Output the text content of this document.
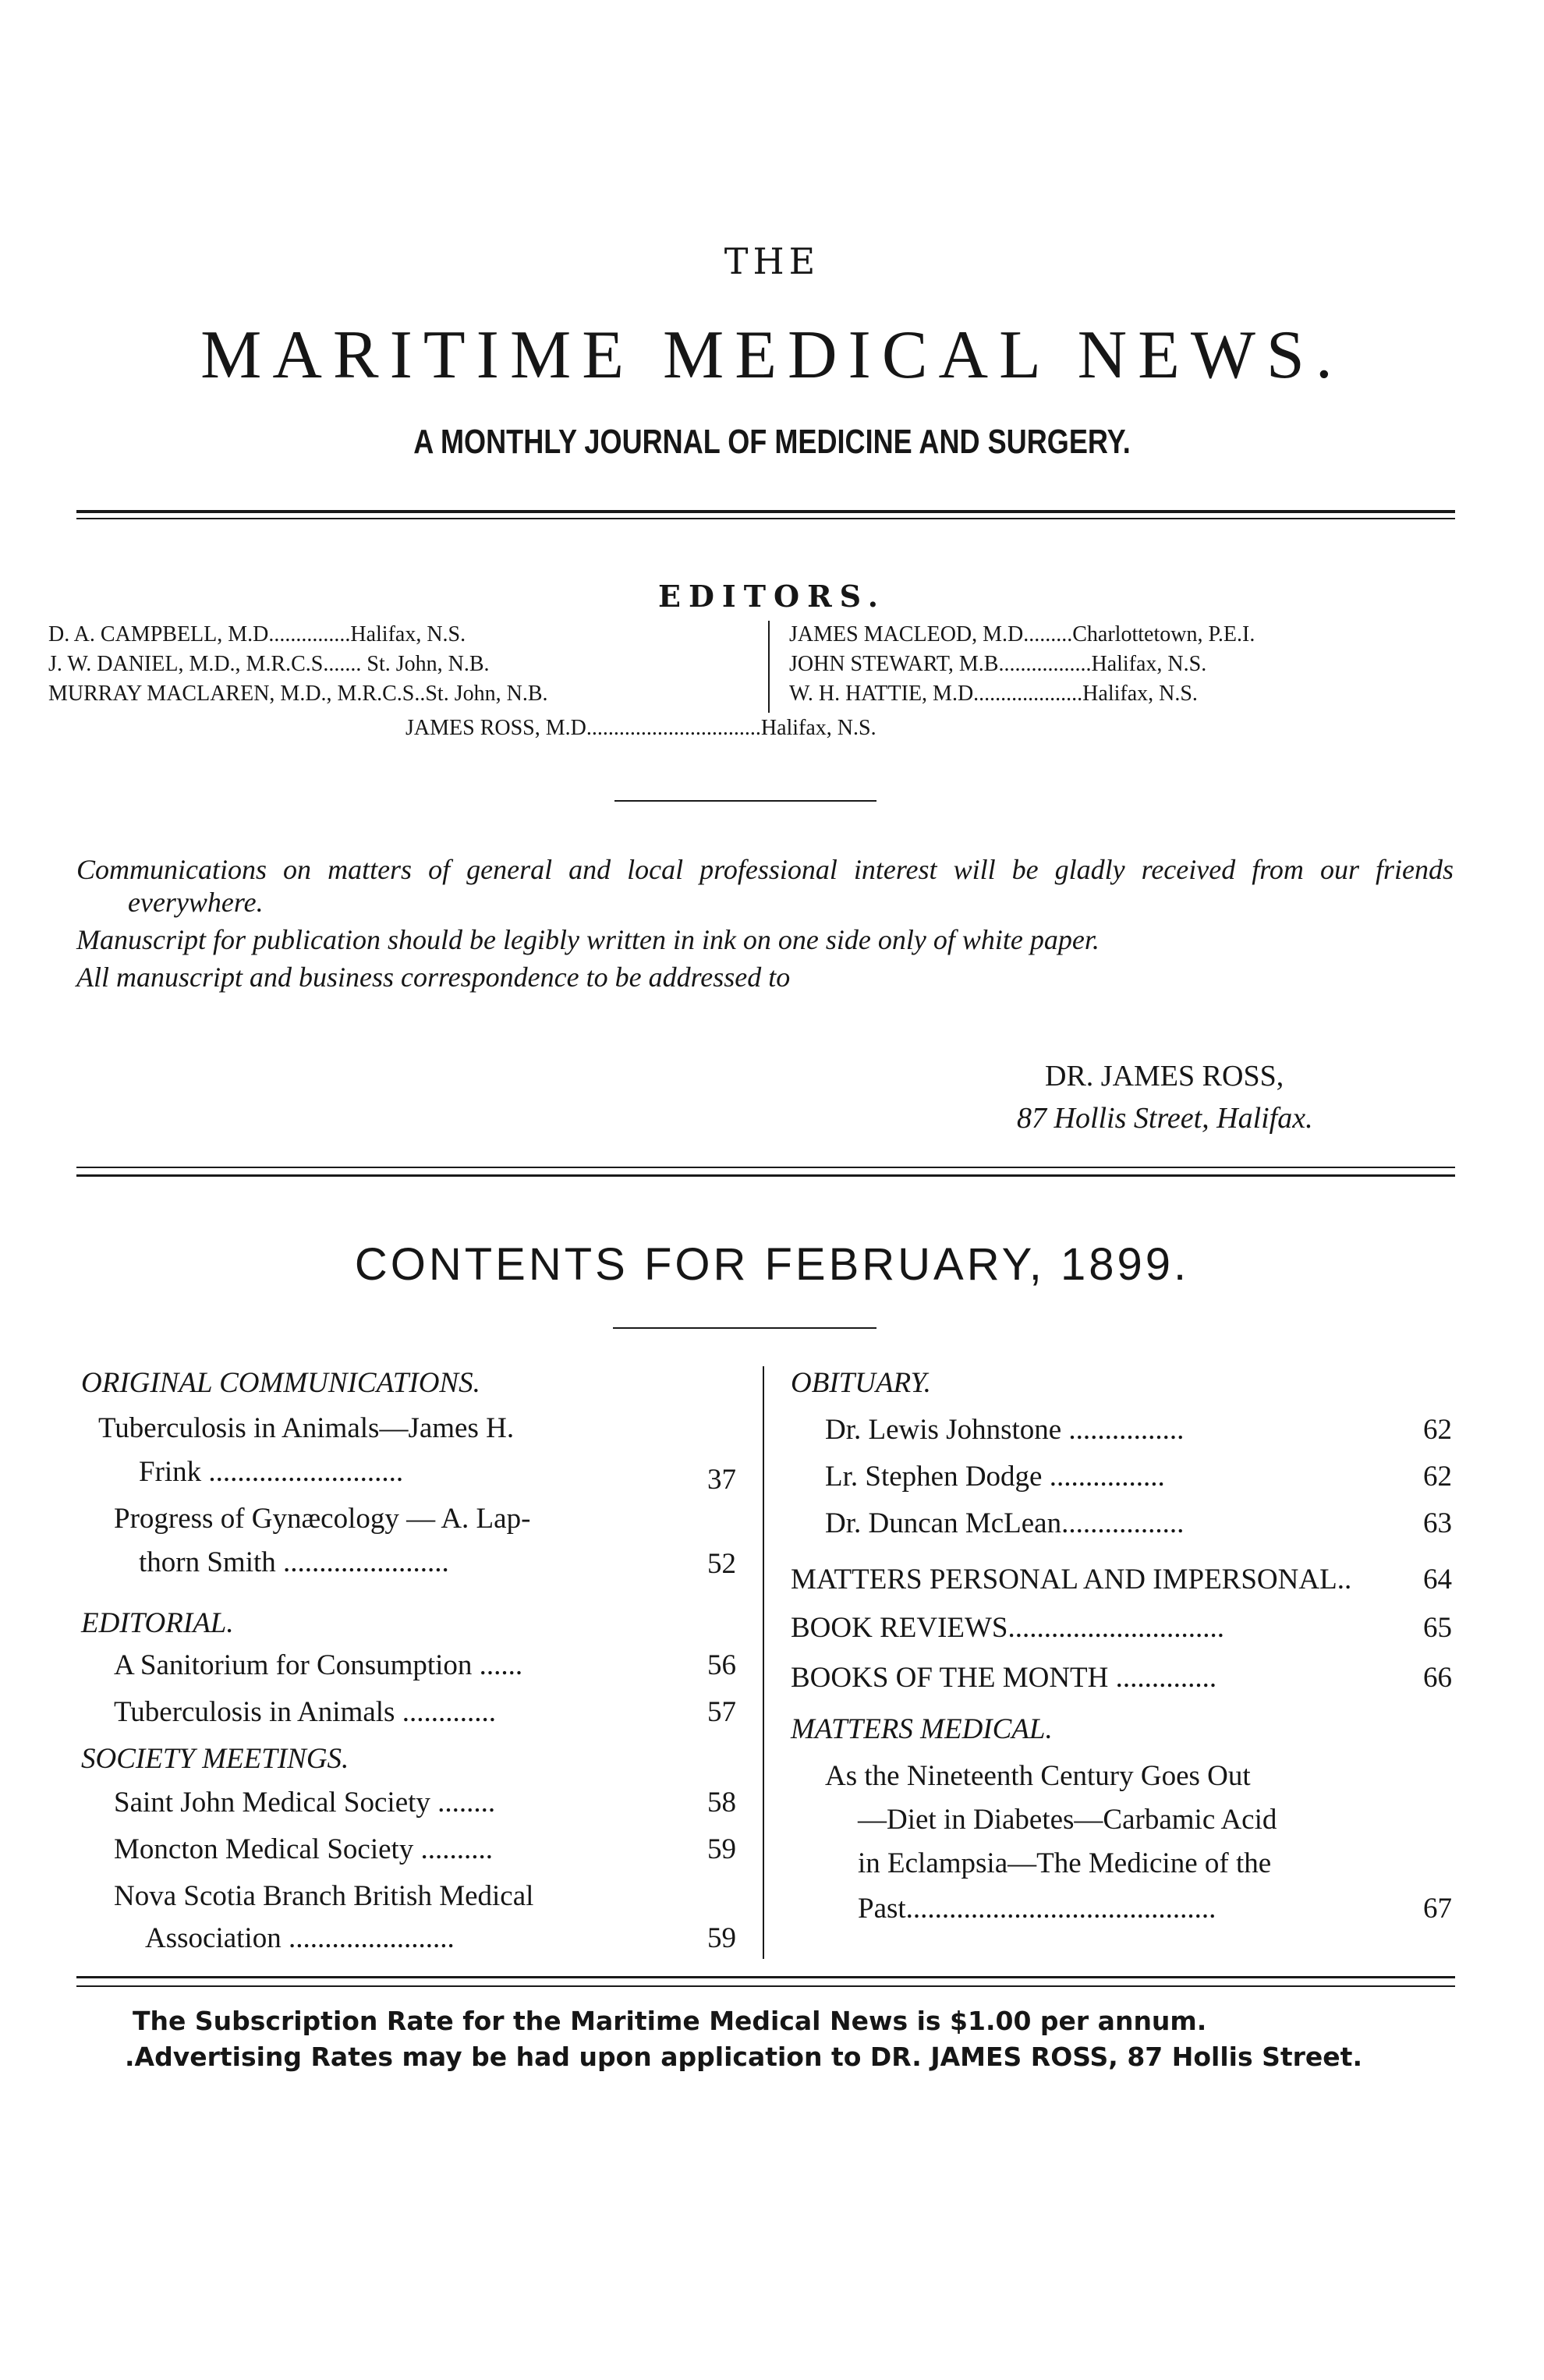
THE
MARITIME MEDICAL NEWS.
A MONTHLY JOURNAL OF MEDICINE AND SURGERY.
EDITORS.
D. A. CAMPBELL, M.D...............Halifax, N.S.
J. W. DANIEL, M.D., M.R.C.S....... St. John, N.B.
MURRAY MACLAREN, M.D., M.R.C.S..St. John, N.B.
JAMES MACLEOD, M.D.........Charlottetown, P.E.I.
JOHN STEWART, M.B.................Halifax, N.S.
W. H. HATTIE, M.D....................Halifax, N.S.
JAMES ROSS, M.D................................Halifax, N.S.

Communications on matters of general and local professional interest will be gladly received from our friends everywhere.

Manuscript for publication should be legibly written in ink on one side only of white paper.

All manuscript and business correspondence to be addressed to

DR. JAMES ROSS,
87 Hollis Street, Halifax.
CONTENTS FOR FEBRUARY, 1899.
ORIGINAL COMMUNICATIONS.
Tuberculosis in Animals—James H.
Frink ...........................	37
Progress of Gynæcology — A. Lap-
thorn Smith .......................	52
EDITORIAL.
A Sanitorium for Consumption ......	56
Tuberculosis in Animals .............	57
SOCIETY MEETINGS.
Saint John Medical Society ........	58
Moncton Medical Society ..........	59
Nova Scotia Branch British Medical
Association .......................	59
OBITUARY.
Dr. Lewis Johnstone ................	62
Lr. Stephen Dodge ................	62
Dr. Duncan McLean.................	63
MATTERS PERSONAL AND IMPERSONAL..	64
BOOK REVIEWS..............................	65
BOOKS OF THE MONTH ..............	66
MATTERS MEDICAL.
As the Nineteenth Century Goes Out
—Diet in Diabetes—Carbamic Acid
in Eclampsia—The Medicine of the
Past...........................................	67
The Subscription Rate for the Maritime Medical News is $1.00 per annum.
.Advertising Rates may be had upon application to DR. JAMES ROSS, 87 Hollis Street.
